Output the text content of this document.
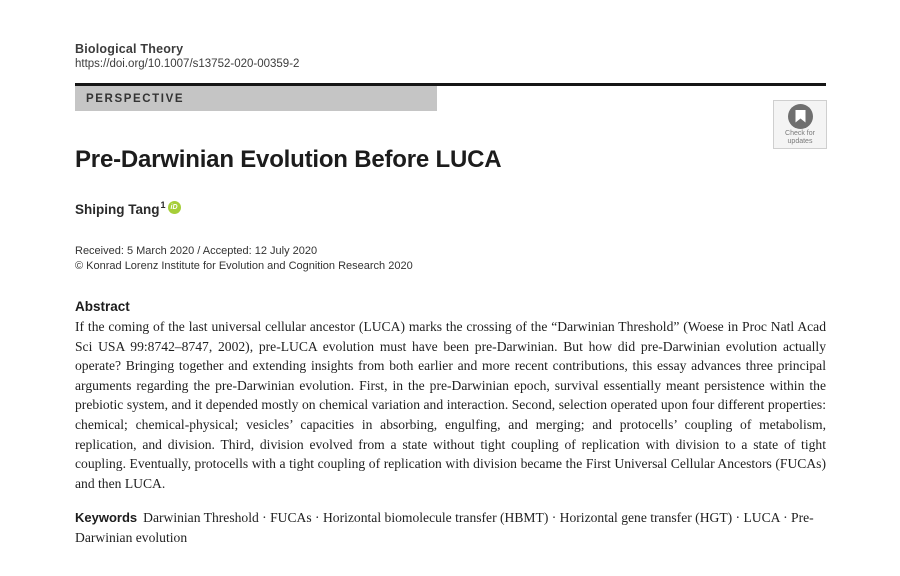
Check for
updates
Biological Theory
https://doi.org/10.1007/s13752-020-00359-2
PERSPECTIVE
Pre-Darwinian Evolution Before LUCA
Shiping Tang 1 iD
Received: 5 March 2020 / Accepted: 12 July 2020
© Konrad Lorenz Institute for Evolution and Cognition Research 2020
Abstract
If the coming of the last universal cellular ancestor (LUCA) marks the crossing of the “Darwinian Threshold” (Woese in Proc Natl Acad Sci USA 99:8742–8747, 2002), pre-LUCA evolution must have been pre-Darwinian. But how did pre-Darwinian evolution actually operate? Bringing together and extending insights from both earlier and more recent contributions, this essay advances three principal arguments regarding the pre-Darwinian evolution. First, in the pre-Darwinian epoch, survival essentially meant persistence within the prebiotic system, and it depended mostly on chemical variation and interaction. Second, selection operated upon four different properties: chemical; chemical-physical; vesicles’ capacities in absorbing, engulfing, and merging; and protocells’ coupling of metabolism, replication, and division. Third, division evolved from a state without tight coupling of replication with division to a state of tight coupling. Eventually, protocells with a tight coupling of replication with division became the First Universal Cellular Ancestors (FUCAs) and then LUCA.
Keywords Darwinian Threshold · FUCAs · Horizontal biomolecule transfer (HBMT) · Horizontal gene transfer (HGT) · LUCA · Pre-Darwinian evolution
